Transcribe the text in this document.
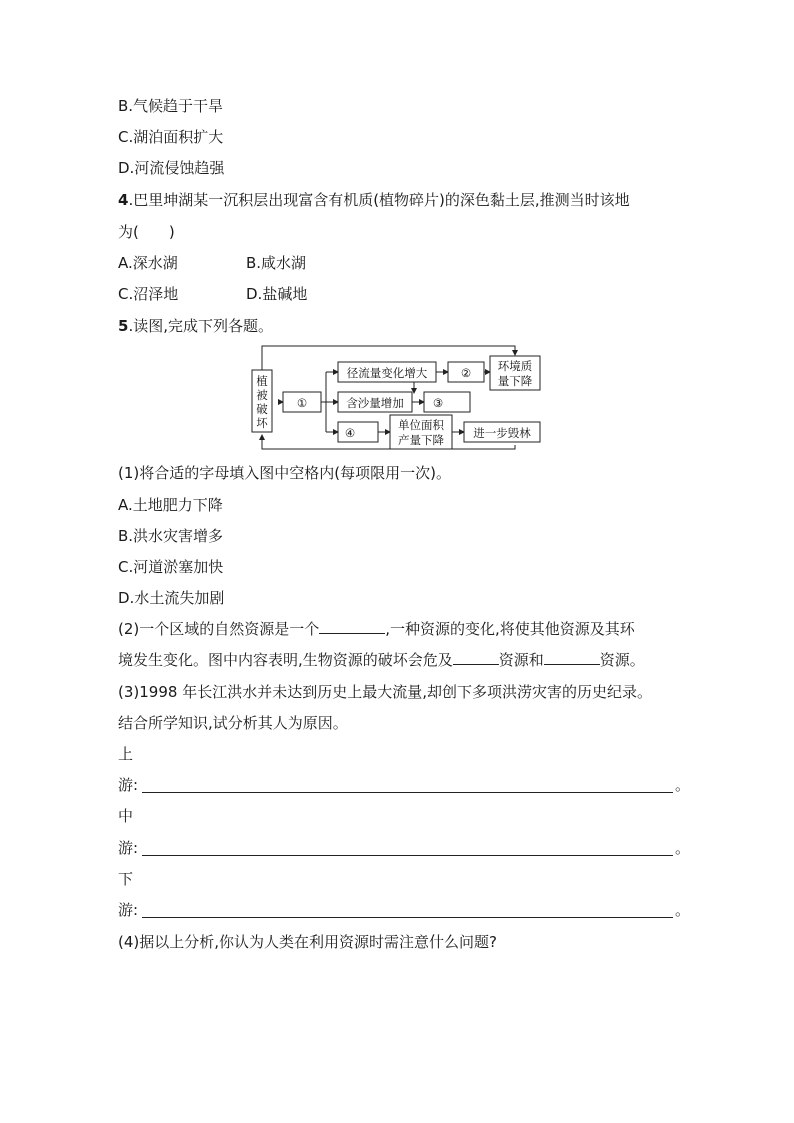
B.气候趋于干旱
C.湖泊面积扩大
D.河流侵蚀趋强
4.巴里坤湖某一沉积层出现富含有机质(植物碎片)的深色黏土层,推测当时该地
为(　　)
A.深水湖	B.咸水湖
C.沼泽地	D.盐碱地
5.读图,完成下列各题。
植
被
破
坏
①
径流量变化增大	② 环境质
量下降
含沙量增加	③
④
单位面积
产量下降	进一步毁林
(1)将合适的字母填入图中空格内(每项限用一次)。
A.土地肥力下降
B.洪水灾害增多
C.河道淤塞加快
D.水土流失加剧
(2)一个区域的自然资源是一个	,一种资源的变化,将使其他资源及其环
境发生变化。图中内容表明,生物资源的破坏会危及	资源和	资源。
(3)1998 年长江洪水并未达到历史上最大流量,却创下多项洪涝灾害的历史纪录。
结合所学知识,试分析其人为原因。
上
游:	。
中
游:	。
下
游:	。
(4)据以上分析,你认为人类在利用资源时需注意什么问题?
